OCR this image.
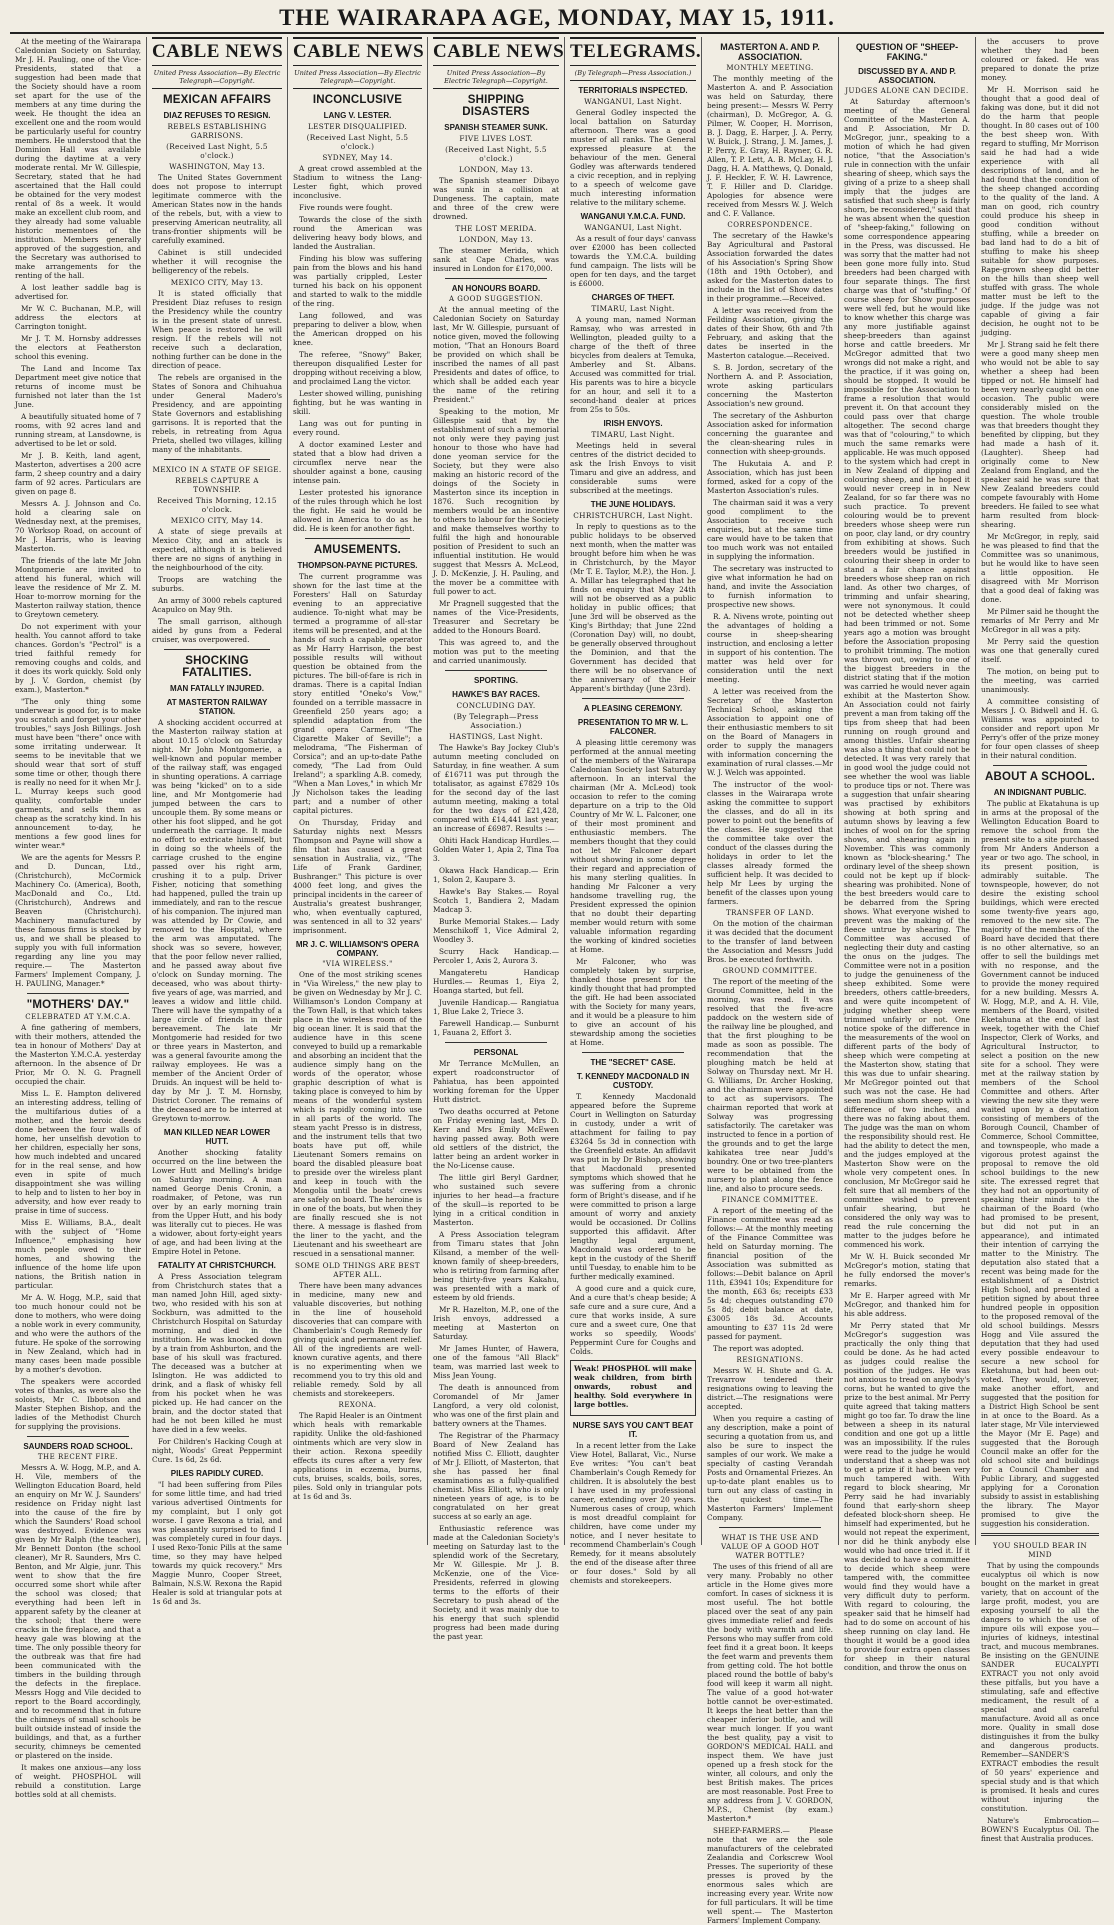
THE WAIRARAPA AGE, MONDAY, MAY 15, 1911.

At the meeting of the Wairarapa Caledonian Society on Saturday, Mr J. H. Pauling, one of the Vice-Presidents, stated that a suggestion had been made that the Society should have a room set apart for the use of the members at any time during the week. He thought the idea an excellent one and the room would be particularly useful for country members. He understood that the Dominion Hall was available during the daytime at a very moderate rental. Mr W. Gillespie, Secretary, stated that he had ascertained that the Hall could be obtained for the very modest rental of 8s a week. It would make an excellent club room, and they already had some valuable historic mementoes of the institution. Members generally approved of the suggestion, and the Secretary was authorised to make arrangements for the renting of the hall.

A lost leather saddle bag is advertised for.

Mr W. C. Buchanan, M.P., will address the electors at Carrington tonight.

Mr J. T. M. Hornsby addresses the electors at Featherston school this evening.

The Land and Income Tax Department meet give notice that returns of income must be furnished not later than the 1st June.

A beautifully situated home of 7 rooms, with 92 acres land and running stream, at Lansdowne, is advertised to be let or sold.

Mr J. B. Keith, land agent, Masterton, advertises a 200 acre farm, 2 sheep country and a dairy farm of 92 acres. Particulars are given on page 8.

Messrs A. J. Johnson and Co. hold a clearing sale on Wednesday next, at the premises, 70 Worksop Road, on account of Mr J. Harris, who is leaving Masterton.

The friends of the late Mr John Montgomerie are invited to attend his funeral, which will leave the residence of Mr Z. M. Hoar to-morrow morning for the Masterton railway station, thence to Greytown cemetery.

Do not experiment with your health. You cannot afford to take chances. Gordon's "Pectrol" is a tried faithful remedy for removing coughs and colds, and it does its work quickly. Sold only by J. V. Gordon, chemist (by exam.), Masterton.*

"The only thing some underwear is good for, is to make you scratch and forget your other troubles," says Josh Billings. Josh must have been "there" once with some irritating underwear. It seems to be inevitable that we should wear that sort of stuff some time or other, though there is really no need for it when Mr J. L. Murray keeps such good quality, comfortable under garments, and sells them as cheap as the scratchy kind. In his announcement to-day, he mentions a few good lines for winter wear.*

We are the agents for Messrs P. and D. Duncan, Ltd., (Christchurch), McCormick Machinery Co. (America), Booth, MacDonald and Co., Ltd. (Christchurch), Andrews and Beaven (Christchurch). Machinery manufactured by these famous firms is stocked by us, and we shall be pleased to supply you with full information regarding any line you may require.— The Masterton Farmers' Implement Company, J. H. PAULING, Manager.*

"MOTHERS' DAY."
CELEBRATED AT Y.M.C.A.

A fine gathering of members, with their mothers, attended the tea in honour of Mothers' Day at the Masterton Y.M.C.A. yesterday afternoon. In the absence of Dr Prior, Mr O. N. G. Pragnell occupied the chair.

Miss L. E. Hampton delivered an interesting address, telling of the multifarious duties of a mother, and the heroic deeds done between the four walls of home, her unselfish devotion to her children, especially her sons, how much indebted and uncared for in the real sense, and how even in spite of much disappointment she was willing to help and to listen to her boy in adversity, and how ever ready to praise in time of success.

Miss E. Williams, B.A., dealt with the subject of "Home Influence," emphasising how much people owed to their homes, and showing the influence of the home life upon nations, the British nation in particular.

Mr A. W. Hogg, M.P., said that too much honour could not be done to mothers, who were doing a noble work in every community, and who were the authors of the future. He spoke of the sorrowing in New Zealand, which had in many cases been made possible by a mother's devotion.

The speakers were accorded votes of thanks, as were also the soloists, Mr C. Ibbotson and Master Stephen Bishop, and the ladies of the Methodist Church for supplying the provisions.

SAUNDERS ROAD SCHOOL.
THE RECENT FIRE.

Messrs A. W. Hogg, M.P., and A. H. Vile, members of the Wellington Education Board, held an enquiry on Mr W. J. Saunders' residence on Friday night last into the cause of the fire by which the Saunders' Road school was destroyed. Evidence was given by Mr Ralph (the teacher), Mr Bennett Donton (the school cleaner), Mr R. Saunders, Mrs C. Benton, and Mr Algie, junr. This went to show that the fire occurred some short while after the school was closed; that everything had been left in apparent safety by the cleaner at the school; that there were cracks in the fireplace, and that a heavy gale was blowing at the time. The only possible theory for the outbreak was that fire had been communicated with the timbers in the building through the defects in the fireplace. Messrs Hogg and Vile decided to report to the Board accordingly, and to recommend that in future the chimneys of small schools be built outside instead of inside the buildings, and that, as a further security, chimneys be cemented or plastered on the inside.

It makes one anxious—any loss of weight. PHOSPHOL will rebuild a constitution. Large bottles sold at all chemists.

CABLE NEWS
United Press Association—By Electric Telegraph—Copyright.
MEXICAN AFFAIRS
DIAZ REFUSES TO RESIGN.
REBELS ESTABLISHING GARRISONS.
(Received Last Night, 5.5 o'clock.)
WASHINGTON, May 13.

The United States Government does not propose to interrupt legitimate commerce with the American States now in the hands of the rebels, but, with a view to preserving American neutrality, all trans-frontier shipments will be carefully examined.

Cabinet is still undecided whether it will recognise the belligerency of the rebels.

MEXICO CITY, May 13.

It is stated officially that President Diaz refuses to resign the Presidency while the country is in the present state of unrest. When peace is restored he will resign. If the rebels will not receive such a declaration, nothing further can be done in the direction of peace.

The rebels are organised in the States of Sonora and Chihuahua under General Madero's Presidency, and are appointing State Governors and establishing garrisons. It is reported that the rebels, in retreating from Agua Prieta, shelled two villages, killing many of the inhabitants.

MEXICO IN A STATE OF SEIGE.
REBELS CAPTURE A TOWNSHIP.
Received This Morning, 12.15 o'clock.
MEXICO CITY, May 14.

A state of siege prevails at Mexico City, and an attack is expected, although it is believed there are no signs of anything in the neighbourhood of the city.

Troops are watching the suburbs.

An army of 3000 rebels captured Acapulco on May 9th.

The small garrison, although aided by guns from a Federal cruiser, was overpowered.

SHOCKING FATALITIES.
MAN FATALLY INJURED.
AT MASTERTON RAILWAY STATION.

A shocking accident occurred at the Masterton railway station at about 10.15 o'clock on Saturday night. Mr John Montgomerie, a well-known and popular member of the railway staff, was engaged in shunting operations. A carriage was being "kicked" on to a side line, and Mr Montgomerie had jumped between the cars to uncouple them. By some means or other his foot slipped, and he got underneath the carriage. It made no effort to extricate himself, but in doing so the wheels of the carriage crushed to the engine passed over his right arm, crushing it to a pulp. Driver Fisher, noticing that something had happened, pulled the train up immediately, and ran to the rescue of his companion. The injured man was attended by Dr Cowie, and removed to the Hospital, where the arm was amputated. The shock was so severe, however, that the poor fellow never rallied, and he passed away about five o'clock on Sunday morning. The deceased, who was about thirty-five years of age, was married, and leaves a widow and little child. There will have the sympathy of a large circle of friends in their bereavement. The late Mr Montgomerie had resided for two or three years in Masterton, and was a general favourite among the railway employees. He was a member of the Ancient Order of Druids. An inquest will be held to-day by Mr J. T. M. Hornsby, District Coroner. The remains of the deceased are to be interred at Greytown to-morrow.

MAN KILLED NEAR LOWER HUTT.

Another shocking fatality occurred on the line between the Lower Hutt and Melling's bridge on Saturday morning. A man named George Denis Cronin, a roadmaker, of Petone, was run over by an early morning train from the Upper Hutt, and his body was literally cut to pieces. He was a widower, about forty-eight years of age, and had been living at the Empire Hotel in Petone.

FATALITY AT CHRISTCHURCH.

A Press Association telegram from Christchurch states that a man named John Hill, aged sixty-two, who resided with his son at Sockburn, was admitted to the Christchurch Hospital on Saturday morning, and died in the institution. He was knocked down by a train from Ashburton, and the base of his skull was fractured. The deceased was a butcher at Islington. He was addicted to drink, and a flask of whisky fell from his pocket when he was picked up. He had cancer on the brain, and the doctor stated that had he not been killed he must have died in a few weeks.

For Children's Hacking Cough at night, Woods' Great Peppermint Cure. 1s 6d, 2s 6d.

PILES RAPIDLY CURED.

"I had been suffering from Piles for some little time, and had tried various advertised Ointments for my complaint, but I only got worse. I gave Rexona a trial, and was pleasantly surprised to find I was completely cured in four days. I used Rexo-Tonic Pills at the same time, so they may have helped towards my quick recovery." Mrs Maggie Munro, Cooper Street, Balmain, N.S.W. Rexona the Rapid Healer is sold at triangular pots at 1s 6d and 3s.

CABLE NEWS
United Press Association—By Electric Telegraph—Copyright.
INCONCLUSIVE
LANG V. LESTER.
LESTER DISQUALIFIED.
(Received Last Night, 5.5 o'clock.)
SYDNEY, May 14.

A great crowd assembled at the Stadium to witness the Lang-Lester fight, which proved inconclusive.

Five rounds were fought.

Towards the close of the sixth round the American was delivering heavy body blows, and landed the Australian.

Finding his blow was suffering pain from the blows and his hand was partially crippled, Lester turned his back on his opponent and started to walk to the middle of the ring.

Lang followed, and was preparing to deliver a blow, when the American dropped on his knee.

The referee, "Snowy" Baker, thereupon disqualified Lester for dropping without receiving a blow, and proclaimed Lang the victor.

Lester showed willing, punishing fighting, but he was wanting in skill.

Lang was out for punting in every round.

A doctor examined Lester and stated that a blow had driven a circumflex nerve near the shoulder against a bone, causing intense pain.

Lester protested his ignorance of the rules through which he lost the fight. He said he would be allowed in America to do as he did. He is keen for another fight.

AMUSEMENTS.
THOMPSON-PAYNE PICTURES.

The current programme was shown for the last time at the Foresters' Hall on Saturday evening to an appreciative audience. To-night what may be termed a programme of all-star items will be presented, and at the hands of such a capable operator as Mr Harry Harrison, the best possible results will without question be obtained from the pictures. The bill-of-fare is rich in dramas. There is a capital Indian story entitled "Oneko's Vow," founded on a terrible massacre in Greenfield 250 years ago; a splendid adaptation from the grand opera Carmen, "The Cigarette Maker of Seville"; a melodrama, "The Fisherman of Corsica"; and an up-to-date Pathe comedy, "The Lad from Ould Ireland"; a sparkling A.B. comedy, "When a Man Loves," in which Mr Jy Nicholson takes the leading part; and a number of other capital pictures.

On Thursday, Friday and Saturday nights next Messrs Thompson and Payne will show a film that has caused a great sensation in Australia, viz., "The Life of Frank Gardiner, Bushranger." This picture is over 4000 feet long, and gives the principal incidents in the career of Australia's greatest bushranger, who, when eventually captured, was sentenced in all to 32 years' imprisonment.

MR J. C. WILLIAMSON'S OPERA COMPANY.
"VIA WIRELESS."

One of the most striking scenes in "Via Wireless," the new play to be given on Wednesday by Mr J. C. Williamson's London Company at the Town Hall, is that which takes place in the wireless room of the big ocean liner. It is said that the audience have in this scene conveyed to build up a remarkable and absorbing an incident that the audience simply hang on the words of the operator, whose graphic description of what is taking place is conveyed to him by means of the wonderful system which is rapidly coming into use in all parts of the world. The steam yacht Presso is in distress, and the instrument tells that two boats have put off, while Lieutenant Somers remains on board the disabled pleasure boat to preside over the wireless plant and keep in touch with the Mongolia until the boats' crews are safely on board. The heroine is in one of the boats, but when they are finally rescued she is not there. A message is flashed from the liner to the yacht, and the Lieutenant and his sweetheart are rescued in a sensational manner.

SOME OLD THINGS ARE BEST AFTER ALL.

There have been many advances in medicine, many new and valuable discoveries, but nothing in the line of household discoveries that can compare with Chamberlain's Cough Remedy for giving quick and permanent relief. All of the ingredients are well-known curative agents, and there is no experimenting when we recommend you to try this old and reliable remedy. Sold by all chemists and storekeepers.

REXONA.

The Rapid Healer is an Ointment which heals with remarkable rapidity. Unlike the old-fashioned ointments which are very slow in their action. Rexona speedily effects its cures after a very few applications in eczema, burns, cuts, bruises, scalds, boils, sores, piles. Sold only in triangular pots at 1s 6d and 3s.

CABLE NEWS
United Press Association—By Electric Telegraph—Copyright.
SHIPPING DISASTERS
SPANISH STEAMER SUNK.
FIVE LIVES LOST.
(Received Last Night, 5.5 o'clock.)
LONDON, May 13.

The Spanish steamer Dibayo was sunk in a collision at Dungeness. The captain, mate and three of the crew were drowned.

THE LOST MERIDA.
LONDON, May 13.

The steamer Merida, which sank at Cape Charles, was insured in London for £170,000.

AN HONOURS BOARD.
A GOOD SUGGESTION.

At the annual meeting of the Caledonian Society on Saturday last, Mr W. Gillespie, pursuant of notice given, moved the following motion, "That an Honours Board be provided on which shall be inscribed the names of all past Presidents and dates of office, to which shall be added each year the name of the retiring President."

Speaking to the motion, Mr Gillespie said that by the establishment of such a memorial not only were they paying just honour to those who have had done yeoman service for the Society, but they were also making an historic record of the doings of the Society in Masterton since its inception in 1876. Such recognition by members would be an incentive to others to labour for the Society and make themselves worthy to fulfil the high and honourable position of President to such an influential institution. He would suggest that Messrs A. McLeod, J. D. McKenzie, J. H. Pauling, and the mover be a committee with full power to act.

Mr Pragnell suggested that the names of the Vice-Presidents, Treasurer and Secretary be added to the Honours Board.

This was agreed to, and the motion was put to the meeting and carried unanimously.

SPORTING.
HAWKE'S BAY RACES.
CONCLUDING DAY.
(By Telegraph—Press Association.)
HASTINGS, Last Night.

The Hawke's Bay Jockey Club's autumn meeting concluded on Saturday, in fine weather. A sum of £16711 was put through the totalisator, as against £7829 10s for the second day of the last autumn meeting, making a total for the two days of £21,428, compared with £14,441 last year, an increase of £6987. Results :—

Ohiti Hack Handicap Hurdles.— Golden Water 1, Apia 2, Tina Toa 3.

Okawa Hack Handicap.— Erin 1, Solon 2, Kaupare 3.

Hawke's Bay Stakes.— Royal Scotch 1, Bandiera 2, Madam Madcap 3.

Burke Memorial Stakes.— Lady Menschikoff 1, Vice Admiral 2, Woodley 3.

Scurry Hack Handicap.— Percoler 1, Axis 2, Aurora 3.

Mangateretu Handicap Hurdles.— Reumas 1, Eiya 2, Hoanga started, but fell.

Juvenile Handicap.— Rangiatua 1, Blue Lake 2, Triece 3.

Farewell Handicap.— Sunburnt 1, Fauana 2, Effort 3.

PERSONAL

Mr Terrance McMullen, an expert roadconstructor of Pahiatua, has been appointed working foreman for the Upper Hutt district.

Two deaths occurred at Petone on Friday evening last, Mrs D. Kerr and Mrs Emily McEwen having passed away. Both were old settlers of the district, the latter being an ardent worker in the No-License cause.

The little girl Beryl Gardner, who sustained such severe injuries to her head—a fracture of the skull—is reported to be lying in a critical condition in Masterton.

A Press Association telegram from Timaru states that John Kilsand, a member of the well-known family of sheep-breeders, who is retiring from farming after being thirty-five years Kakahu, was presented with a mark of esteem by old friends.

Mr R. Hazelton, M.P., one of the Irish envoys, addressed a meeting at Masterton on Saturday.

Mr James Hunter, of Hawera, one of the famous "All Black" team, was married last week to Miss Jean Young.

The death is announced from Coromandel of Mr Jamer Langford, a very old colonist, who was one of the first plain and battery owners at the Thames.

The Registrar of the Pharmacy Board of New Zealand has notified Miss C. Elliott, daughter of Mr J. Elliott, of Masterton, that she has passed her final examinations as a fully-qualified chemist. Miss Elliott, who is only nineteen years of age, is to be congratulated on her great success at so early an age.

Enthusiastic reference was made at the Caledonian Society's meeting on Saturday last to the splendid work of the Secretary, Mr W. Gillespie. Mr J. B. McKenzie, one of the Vice-Presidents, referred in glowing terms to the efforts of their Secretary to push ahead of the Society, and it was mainly due to his energy that such splendid progress had been made during the past year.

TELEGRAMS.
(By Telegraph—Press Association.)
TERRITORIALS INSPECTED.
WANGANUI, Last Night.

General Godley inspected the local battalion on Saturday afternoon. There was a good muster of all ranks. The General expressed pleasure at the behaviour of the men. General Godley was afterwards tendered a civic reception, and in replying to a speech of welcome gave much interesting information relative to the military scheme.

WANGANUI Y.M.C.A. FUND.
WANGANUI, Last Night.

As a result of four days' canvass over £2000 has been collected towards the Y.M.C.A. building fund campaign. The lists will be open for ten days, and the target is £6000.

CHARGES OF THEFT.
TIMARU, Last Night.

A young man, named Norman Ramsay, who was arrested in Wellington, pleaded guilty to a charge of the theft of three bicycles from dealers at Temuka, Amberley and St. Albans. Accused was committed for trial. His parents was to hire a bicycle for an hour, and sell it to a second-hand dealer at prices from 25s to 50s.

IRISH ENVOYS.
TIMARU, Last Night.

Meetings held in several centres of the district decided to ask the Irish Envoys to visit Timaru and give an address, and considerable sums were subscribed at the meetings.

THE JUNE HOLIDAYS.
CHRISTCHURCH, Last Night.

In reply to questions as to the public holidays to be observed next month, when the matter was brought before him when he was in Christchurch, by the Mayor (Mr T. E. Taylor, M.P.), the Hon. J. A. Millar has telegraphed that he finds on enquiry that May 24th will not be observed as a public holiday in public offices; that June 3rd will be observed as the King's Birthday; that June 22nd (Coronation Day) will, no doubt, be generally observed throughout the Dominion, and that the Government has decided that there will be no observance of the anniversary of the Heir Apparent's birthday (June 23rd).

A PLEASING CEREMONY.
PRESENTATION TO MR W. L. FALCONER.

A pleasing little ceremony was performed at the annual meeting of the members of the Wairarapa Caledonian Society last Saturday afternoon. In an interval the chairman (Mr A. McLeod) took occasion to refer to the coming departure on a trip to the Old Country of Mr W. L. Falconer, one of their most prominent and enthusiastic members. The members thought that they could not let Mr Falconer depart without showing in some degree their regard and appreciation of his many sterling qualities. In handing Mr Falconer a very handsome travelling rug, the President expressed the opinion that no doubt their departing member would return with some valuable information regarding the working of kindred societies at Home.

Mr Falconer, who was completely taken by surprise, thanked those present for the kindly thought that had prompted the gift. He had been associated with the Society for many years, and it would be a pleasure to him to give an account of his stewardship among the societies at Home.

THE "SECRET" CASE.
T. KENNEDY MACDONALD IN CUSTODY.

T. Kennedy Macdonald appeared before the Supreme Court in Wellington on Saturday in custody, under a writ of attachment for failing to pay £3264 5s 3d in connection with the Greenfield estate. An affidavit was put in by Dr Bishop, showing that Macdonald presented symptoms which showed that he was suffering from a chronic form of Bright's disease, and if he were committed to prison a large amount of worry and anxiety would be occasioned. Dr Collins supported this affidavit. After lengthy legal argument, Macdonald was ordered to be kept in the custody of the Sheriff until Tuesday, to enable him to be further medically examined.

A good cure and a quick cure, And a cure that's cheap beside; A safe cure and a sure cure, And a cure that works inside, A sure cure and a sweet cure, One that works so speedily, Woods' Peppermint Cure for Coughs and Colds.

Weak! PHOSPHOL will make weak children, from birth onwards, robust and healthy. Sold everywhere in large bottles.

NURSE SAYS YOU CAN'T BEAT IT.

In a recent letter from the Lake View Hotel, Ballarat, Vic., Nurse Eve writes: "You can't beat Chamberlain's Cough Remedy for children. It is absolutely the best I have used in my professional career, extending over 20 years. Numerous cases of croup, which is most dreadful complaint for children, have come under my notice, and I never hesitate to recommend Chamberlain's Cough Remedy, for it means absolutely the end of the disease after three or four doses." Sold by all chemists and storekeepers.

MASTERTON A. AND P. ASSOCIATION.
MONTHLY MEETING.

The monthly meeting of the Masterton A. and P. Association was held on Saturday, there being present:— Messrs W. Perry (chairman), D. McGregor, A. G. Pilmer, W. Cooper, H. Morrison, B. J. Dagg, E. Harper, J. A. Perry, W. Buick, J. Strang, J. M. James, J. P. Perry, E. Gray, H. Rayner, G. R. Allen, T. P. Lett, A. B. McLay, H. J. Dagg, H. A. Matthews, Q. Donald, J. F. Heckler, F. W. H. Lawrence, T. F. Hiller and D. Claridge. Apologies for absence were received from Messrs W. J. Welch and C. F. Vallance.

CORRESPONDENCE.

The secretary of the Hawke's Bay Agricultural and Pastoral Association forwarded the dates of his Association's Spring Show (18th and 19th October), and asked for the Masterton dates to include in the list of Show dates in their programme.—Received.

A letter was received from the Feilding Association, giving the dates of their Show, 6th and 7th February, and asking that the dates be inserted in the Masterton catalogue.—Received.

S. B. Jordon, secretary of the Northern A. and P. Association, wrote asking particulars concerning the Masterton Association's new ground.

The secretary of the Ashburton Association asked for information concerning the guarantee and the clean-shearing rules in connection with sheep-grounds.

The Hukutaia A. and P. Association, which has just been formed, asked for a copy of the Masterton Association's rules.

The chairman said it was a very good compliment to the Association to receive such enquiries, but at the same time care would have to be taken that too much work was not entailed in supplying the information.

The secretary was instructed to give what information he had on hand, and invite the Association to furnish information to prospective new shows.

R. A. Nivens wrote, pointing out the advantages of holding a course in sheep-shearing instruction, and enclosing a letter in support of his contention. The matter was held over for consideration until the next meeting.

A letter was received from the Secretary of the Masterton Technical School, asking the Association to appoint one of their enthusiastic members to sit on the Board of Managers in order to supply the managers with information concerning the examination of rural classes.—Mr W. J. Welch was appointed.

The instructor of the wool-classes in the Wairarapa wrote asking the committee to support the classes, and do all in its power to point out the benefits of the classes. He suggested that the committee take over the conduct of the classes during the holidays in order to let the classes already formed the sufficient help. It was decided to help Mr Lees by urging the benefit of the classes upon young farmers.

TRANSFER OF LAND.

On the motion of the chairman it was decided that the document to the transfer of land between the Association and Messrs Judd Bros. be executed forthwith.

GROUND COMMITTEE.

The report of the meeting of the Ground Committee, held in the morning, was read. It was resolved that the five-acre paddock on the western side of the railway line be ploughed, and that the first ploughing to be made as soon as possible. The recommendation that the ploughing match be held at Solway on Thursday next. Mr H. G. Williams, Dr. Archer Hosking, and the chairman were appointed to act as supervisors. The chairman reported that work at Solway was progressing satisfactorily. The caretaker was instructed to fence in a portion of the grounds and to get the large kahikatea tree near Judd's boundry. One or two tree-planters were to be obtained from the nursery to plant along the fence line, and also to procure seeds.

FINANCE COMMITTEE.

A report of the meeting of the Finance committee was read as follows:— At the monthly meeting of the Finance Committee was held on Saturday morning. The financial position of the Association was submitted as follows:—Debit balance on April 11th, £3941 10s; Expenditure for the month, £63 6s; receipts £33 5s 4d; cheques outstanding £70 5s 8d; debit balance at date, £3005 18s 3d. Accounts amounting to £37 11s 2d were passed for payment.

The report was adopted.

RESIGNATIONS.

Messrs W. H. Shute and G. A. Trevarrow tendered their resignations owing to leaving the district.—The resignations were accepted.

When you require a casting of any description, make a point of securing a quotation from us, and also be sure to inspect the samples of our work. We make a specialty of casting Verandah Posts and Ornamental Friezes. An up-to-date plant enables us to turn out any class of casting in the quickest time.—The Masterton Farmers' Implement Company.

WHAT IS THE USE AND VALUE OF A GOOD HOT WATER BOTTLE?

The uses of this friend of all are very many. Probably no other article in the Home gives more comfort. In cases of sickness it is most useful. The hot bottle placed over the seat of any pain gives immediate relief and feeds the body with warmth and life. Persons who may suffer from cold feet find it a great boon. It keeps the feet warm and prevents them from getting cold. The hot bottle placed round the bottle of baby's food will keep it warm all night. The value of a good hot-water bottle cannot be over-estimated. It keeps the heat better than the cheaper inferior bottle, and will wear much longer. If you want the best quality, pay a visit to GORDON'S MEDICAL HALL and inspect them. We have just opened up a fresh stock for the winter, all colours, and only the best British makes. The prices are most reasonable. Post Free to any address from J. V. GORDON, M.P.S., Chemist (by exam.) Masterton.*

SHEEP-FARMERS.— Please note that we are the sole manufacturers of the celebrated Zealandia and Corkscrew Wool Presses. The superiority of these presses is proved by the enormous sales which are increasing every year. Write now for full particulars. It will be time well spent.— The Masterton Farmers' Implement Company.

QUESTION OF "SHEEP-FAKING."
DISCUSSED BY A. AND P. ASSOCIATION.
JUDGES ALONE CAN DECIDE.

At Saturday afternoon's meeting of the General Committee of the Masterton A. and P. Association, Mr D. McGregor, junr., speaking to a motion of which he had given notice, "that the Association's rule in connection with the unfair shearing of sheep, which says the giving of a prize to a sheep shall imply that the judges are satisfied that such sheep is fairly shorn, be reconsidered," said that he was absent when the question of "sheep-faking," following on some correspondence appearing in the Press, was discussed. He was sorry that the matter had not been gone more fully into. Stud breeders had been charged with four separate things. The first charge was that of "stuffing." Of course sheep for Show purposes were well fed, but he would like to know whether this charge was any more justifiable against sheep-breeders than against horse and cattle breeders. Mr McGregor admitted that two wrongs did not make a right, and the practice, if it was going on, should be stopped. It would be impossible for the Association to frame a resolution that would prevent it. On that account they could pass over that charge altogether. The second charge was that of "colouring," to which much the same remarks were applicable. He was much opposed to the system which had crept in in New Zealand of dipping and colouring sheep, and he hoped it would never creep in in New Zealand, for so far there was no such practice. To prevent colouring would be to prevent breeders whose sheep were run on poor, clay land, or dry country from exhibiting at shows. Such breeders would be justified in colouring their sheep in order to stand a fair chance against breeders whose sheep ran on rich land. As other two charges, of trimming and unfair shearing, were not synonymous. It could not be detected whether sheep had been trimmed or not. Some years ago a motion was brought before the Association proposing to prohibit trimming. The motion was thrown out, owing to one of the biggest breeders in the district stating that if the motion was carried he would never again exhibit at the Masterton Show. An Association could not fairly prevent a man from taking off the tips from sheep that had been running on rough ground and among thistles. Unfair shearing was also a thing that could not be detected. It was very rarely that in good wool the judge could not see whether the wool was liable to produce tips or not. There was a suggestion that unfair shearing was practised by exhibitors showing at both spring and autumn shows by leaving a few inches of wool on for the spring shows, and shearing again in November. This was commonly known as "block-shearing." The ordinary level of the sheep shown could not be kept up if block-shearing was prohibited. None of the best breeders would care to be debarred from the Spring shows. What everyone wished to prevent was the making of the fleece untrue by shearing. The Committee was accused of neglecting their duty and casting the onus on the judges. The Committee were not in a position to judge the genuineness of the sheep exhibited. Some were breeders, others cattle-breeders, and were quite incompetent of judging whether sheep were trimmed unfairly or not. One notice spoke of the difference in the measurements of the wool on different parts of the body of sheep which were competing at the Masterton show, stating that this was due to unfair shearing. Mr McGregor pointed out that such was not the case. He had seen medium shorn sheep with a difference of two inches, and there was no faking about them. The judge was the man on whom the responsibility should rest. He had the ability to detect the men, and the judges employed at the Masterton Show were on the whole very competent ones. In conclusion, Mr McGregor said he felt sure that all members of the committee wished to prevent unfair shearing, but he considered the only way was to read the rule concerning the matter to the judges before he commenced his work.

Mr W. H. Buick seconded Mr McGregor's motion, stating that he fully endorsed the mover's remarks.

Mr E. Harper agreed with Mr McGregor, and thanked him for his able address.

Mr Perry stated that Mr McGregor's suggestion was practically the only thing that could be done. As he had acted as judges could realise the position of the judges. He was not anxious to tread on anybody's corns, but he wanted to give the prize to the best animal. Mr Perry quite agreed that taking matters might go too far. To draw the line between a sheep in its natural condition and one got up a little was an impossibility. If the rules were read to the judge he would understand that a sheep was not to get a prize if it had been very much tampered with. With regard to block shearing, Mr Perry said he had invariably found that early-shorn sheep defeated block-shorn sheep. He himself had experimented, but he would not repeat the experiment, nor did he think anybody else would who had once tried it. If it was decided to have a committee to decide which sheep were tampered with, the committee would find they would have a very difficult duty to perform. With regard to colouring, the speaker said that he himself had had to do some on account of his sheep running on clay land. He thought it would be a good idea to provide four extra open classes for sheep in their natural condition, and throw the onus on

the accusers to prove whether they had been coloured or faked. He was prepared to donate the prize money.

Mr H. Morrison said he thought that a good deal of faking was done, but it did not do the harm that people thought. In 80 cases out of 100 the best sheep won. With regard to stuffing, Mr Morrison said he had had a wide experience with all descriptions of land, and he had found that the condition of the sheep changed according to the quality of the land. A man on good, rich country could produce his sheep in good condition without stuffing, while a breeder on bad land had to do a bit of stuffing to make his sheep suitable for show purposes. Rape-grown sheep did better on the hills than sheep well stuffed with grass. The whole matter must be left to the judge. If the judge was not capable of giving a fair decision, he ought not to be judging.

Mr J. Strang said he felt there were a good many sheep men who would not be able to say whether a sheep had been tipped or not. He himself had been very nearly caught on one occasion. The public were considerably misled on the question. The whole trouble was that breeders thought they benefited by clipping, but they had made a hash of it. (Laughter). Sheep had originally come to New Zealand from England, and the speaker said he was sure that New Zealand breeders could compete favourably with Home breeders. He failed to see what harm resulted from block-shearing.

Mr McGregor, in reply, said he was pleased to find that the Committee was so unanimous, but he would like to have seen a little opposition. He disagreed with Mr Morrison that a good deal of faking was done.

Mr Pilmer said he thought the remarks of Mr Perry and Mr McGregor in all was a pity.

Mr Perry said the question was one that generally cured itself.

The motion, on being put to the meeting, was carried unanimously.

A committee consisting of Messrs J. O. Bidwell and H. G. Williams was appointed to consider and report upon Mr Perry's offer of the prize money for four open classes of sheep in their natural condition.

ABOUT A SCHOOL.
AN INDIGNANT PUBLIC.

The public at Ekatahuna is up in arms at the proposal of the Wellington Education Board to remove the school from the present site to a site purchased from Mr Anders Anderson a year or two ago. The school, in its present position, is admirably suitable. The townspeople, however, do not desire the existing school buildings, which were erected some twenty-five years ago, removed to the new site. The majority of the members of the Board have decided that there is no other alternative, so an offer to sell the buildings met with no response, and the Government cannot be induced to provide the money required for a new building. Messrs A. W. Hogg, M.P., and A. H. Vile, members of the Board, visited Eketahuna at the end of last week, together with the Chief Inspector, Clerk of Works, and Agricultural Instructor, to select a position on the new site for a school. They were met at the railway station by members of the School Committee and others. After viewing the new site they were waited upon by a deputation consisting of members of the Borough Council, Chamber of Commerce, School Committee, and townspeople, who made a vigorous protest against the proposal to remove the old school buildings to the new site. The exressed regret that they had not an opportunity of speaking their minds to the chairman of the Board (who had promised to be present, but did not put in an appearance), and intimated their intention of carrying the matter to the Ministry. The deputation also stated that a recent was being made for the establishment of a District High School, and presented a petition signed by about three hundred people in opposition to the proposed removal of the old school buildings. Messrs Hogg and Vile assured the deputation that they had used every possible endeavour to secure a new school for Eketahuna, but had been out-voted. They would, however, make another effort, and suggested that the position for a District High School be sent in at once to the Board. As a later stage, Mr Vile interviewed the Mayor (Mr E. Page) and suggested that the Borough Council make an offer for the old school site and buildings for a Council Chamber and Public Library, and suggested applying for a Coronation subsidy to assist in establishing the library. The Mayor promised to give the suggestion his consideration.

YOU SHOULD BEAR IN MIND

That by using the compounds eucalyptus oil which is now bought on the market in great variety, that on account of the large profit, modest, you are exposing yourself to all the dangers to which the use of impure oils will expose you—injuries of kidneys, intestinal tract, and mucous membranes. Be insisting on the GENUINE SANDER EUCALYPTI EXTRACT you not only avoid these pitfalls, but you have a stimulating, safe and effective medicament, the result of a special and careful manufacture. Avoid all as once more. Quality in small dose distinguishes it from the bulky and dangerous products. Remember—SANDER'S EXTRACT embodies the result of 50 years' experience and special study and is that which is promised. It heals and cures without injuring the constitution.

Nature's Embrocation—BOWEN'S Eucalyptus Oil. The finest that Australia produces.
